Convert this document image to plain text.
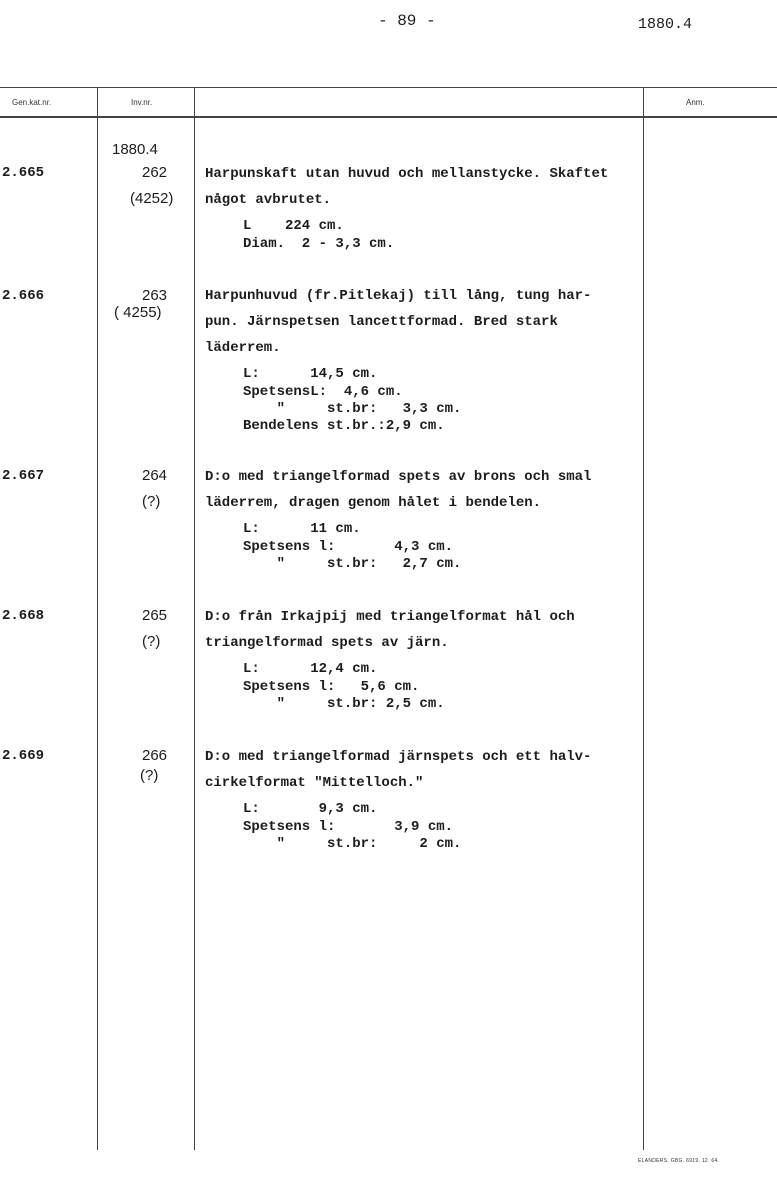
- 89 -	1880.4
Gen.kat.nr.	Inv.nr.	Anm.
1880.4
2.665	262
(4252)
Harpunskaft utan huvud och mellanstycke. Skaftet
något avbrutet.
L    224 cm.
Diam.  2 - 3,3 cm.
2.666	263
( 4255)
Harpunhuvud (fr.Pitlekaj) till lång, tung har-
pun. Järnspetsen lancettformad. Bred stark
läderrem.
L:      14,5 cm.
SpetsensL:  4,6 cm.
"     st.br:   3,3 cm.
Bendelens st.br.:2,9 cm.
2.667	264
(?)
D:o med triangelformad spets av brons och smal
läderrem, dragen genom hålet i bendelen.
L:      11 cm.
Spetsens l:       4,3 cm.
"     st.br:   2,7 cm.
2.668	265
(?)
D:o från Irkajpij med triangelformat hål och
triangelformad spets av järn.
L:      12,4 cm.
Spetsens l:   5,6 cm.
"     st.br: 2,5 cm.
2.669	266
(?)
D:o med triangelformad järnspets och ett halv-
cirkelformat "Mittelloch."
L:       9,3 cm.
Spetsens l:       3,9 cm.
"     st.br:     2 cm.
ELANDERS. GBG. 6919. 12. 64.
